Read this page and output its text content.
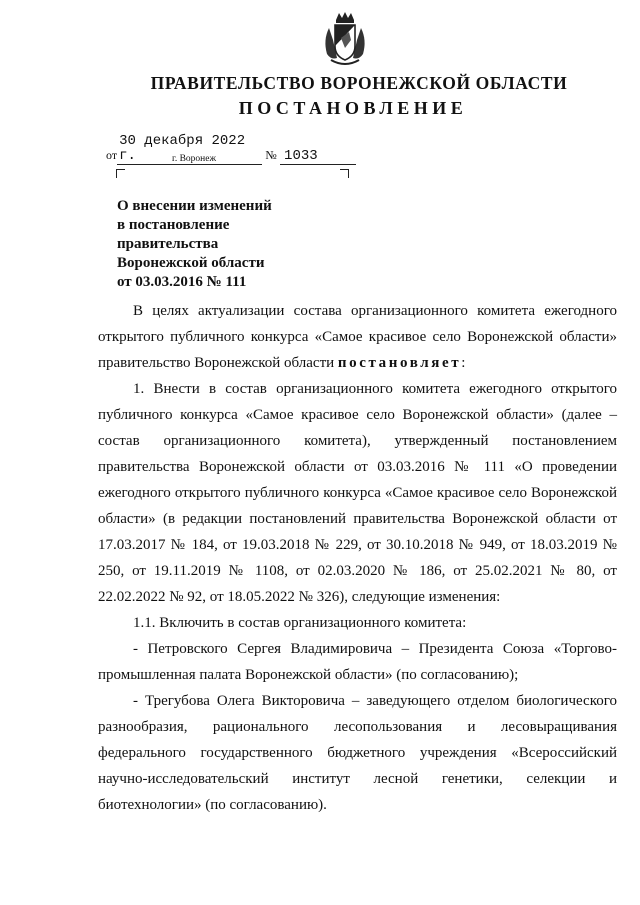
ПРАВИТЕЛЬСТВО ВОРОНЕЖСКОЙ ОБЛАСТИ
ПОСТАНОВЛЕНИЕ
от30 декабря 2022 г.	№ 1033
г. Воронеж
О внесении изменений
в постановление
правительства
Воронежской области
от 03.03.2016 № 111

В целях актуализации состава организационного комитета ежегодного открытого публичного конкурса «Самое красивое село Воронежской области» правительство Воронежской области постановляет:

1. Внести в состав организационного комитета ежегодного открытого публичного конкурса «Самое красивое село Воронежской области» (далее – состав организационного комитета), утвержденный постановлением правительства Воронежской области от 03.03.2016 № 111 «О проведении ежегодного открытого публичного конкурса «Самое красивое село Воронежской области» (в редакции постановлений правительства Воронежской области от 17.03.2017 № 184, от 19.03.2018 № 229, от 30.10.2018 № 949, от 18.03.2019 № 250, от 19.11.2019 № 1108, от 02.03.2020 № 186, от 25.02.2021 № 80, от 22.02.2022 № 92, от 18.05.2022 № 326), следующие изменения:

1.1. Включить в состав организационного комитета:

- Петровского Сергея Владимировича – Президента Союза «Торгово-промышленная палата Воронежской области» (по согласованию);

- Трегубова Олега Викторовича – заведующего отделом биологического разнообразия, рационального лесопользования и лесовыращивания федерального государственного бюджетного учреждения «Всероссийский научно-исследовательский институт лесной генетики, селекции и биотехнологии» (по согласованию).
